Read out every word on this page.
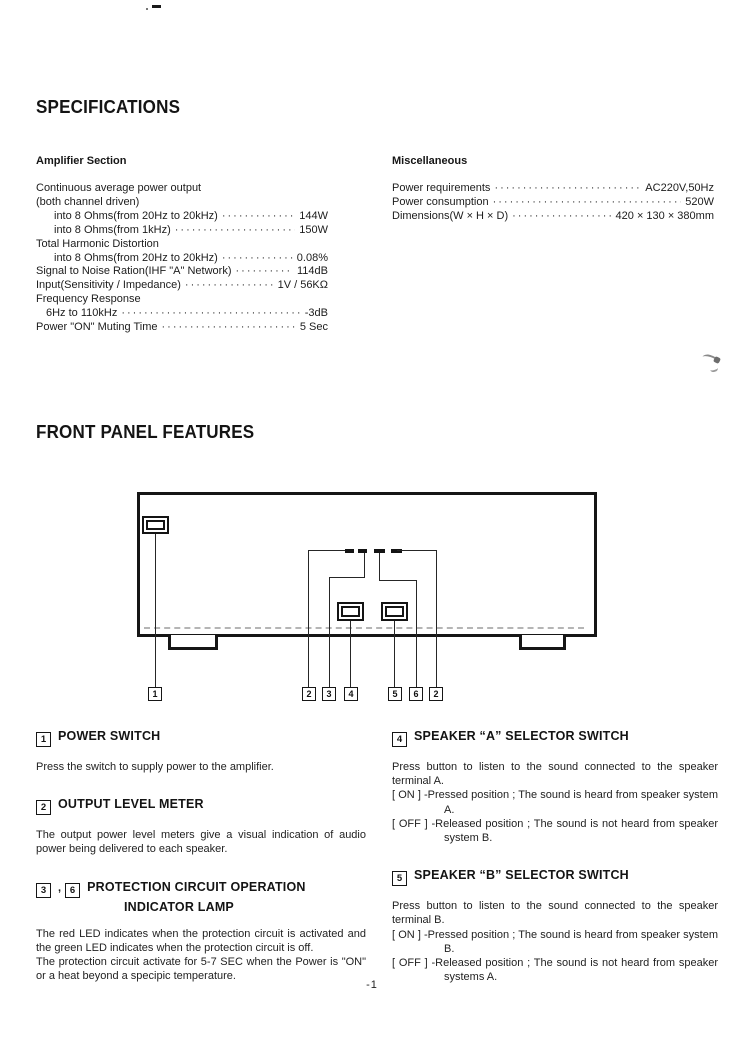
SPECIFICATIONS
Amplifier Section
Continuous average power output
(both channel driven)
into 8 Ohms(from 20Hz to 20kHz) ·····	144W
into 8 Ohms(from 1kHz) ·····	150W
Total Harmonic Distortion
into 8 Ohms(from 20Hz to 20kHz) ·····	0.08%
Signal to Noise Ration(IHF "A" Network) ·····	114dB
Input(Sensitivity / Impedance) ·····	1V / 56KΩ
Frequency Response
6Hz to 110kHz ·····	-3dB
Power "ON" Muting Time ·····	5 Sec
Miscellaneous
Power requirements ·····	AC220V,50Hz
Power consumption ·····	520W
Dimensions(W × H × D) ·····	420 × 130 × 380mm
FRONT PANEL FEATURES
1	2	3	4	5	6	2
1 POWER SWITCH

Press the switch to supply power to the amplifier.

2 OUTPUT LEVEL METER

The output power level meters give a visual indication of audio power being delivered to each speaker.

3 , 6 PROTECTION CIRCUIT OPERATION
INDICATOR LAMP

The red LED indicates when the protection circuit is activated and the green LED indicates when the protection circuit is off.

The protection circuit activate for 5-7 SEC when the Power is "ON" or a heat beyond a specipic temperature.

4 SPEAKER “A” SELECTOR SWITCH

Press button to listen to the sound connected to the speaker terminal A.

[ ON ] -Pressed position ; The sound is heard from speaker system A.

[ OFF ] -Released position ; The sound is not heard from speaker system B.

5 SPEAKER “B” SELECTOR SWITCH

Press button to listen to the sound connected to the speaker terminal B.

[ ON ] -Pressed position ; The sound is heard from speaker system B.

[ OFF ] -Released position ; The sound is not heard from speaker systems A.

-1
